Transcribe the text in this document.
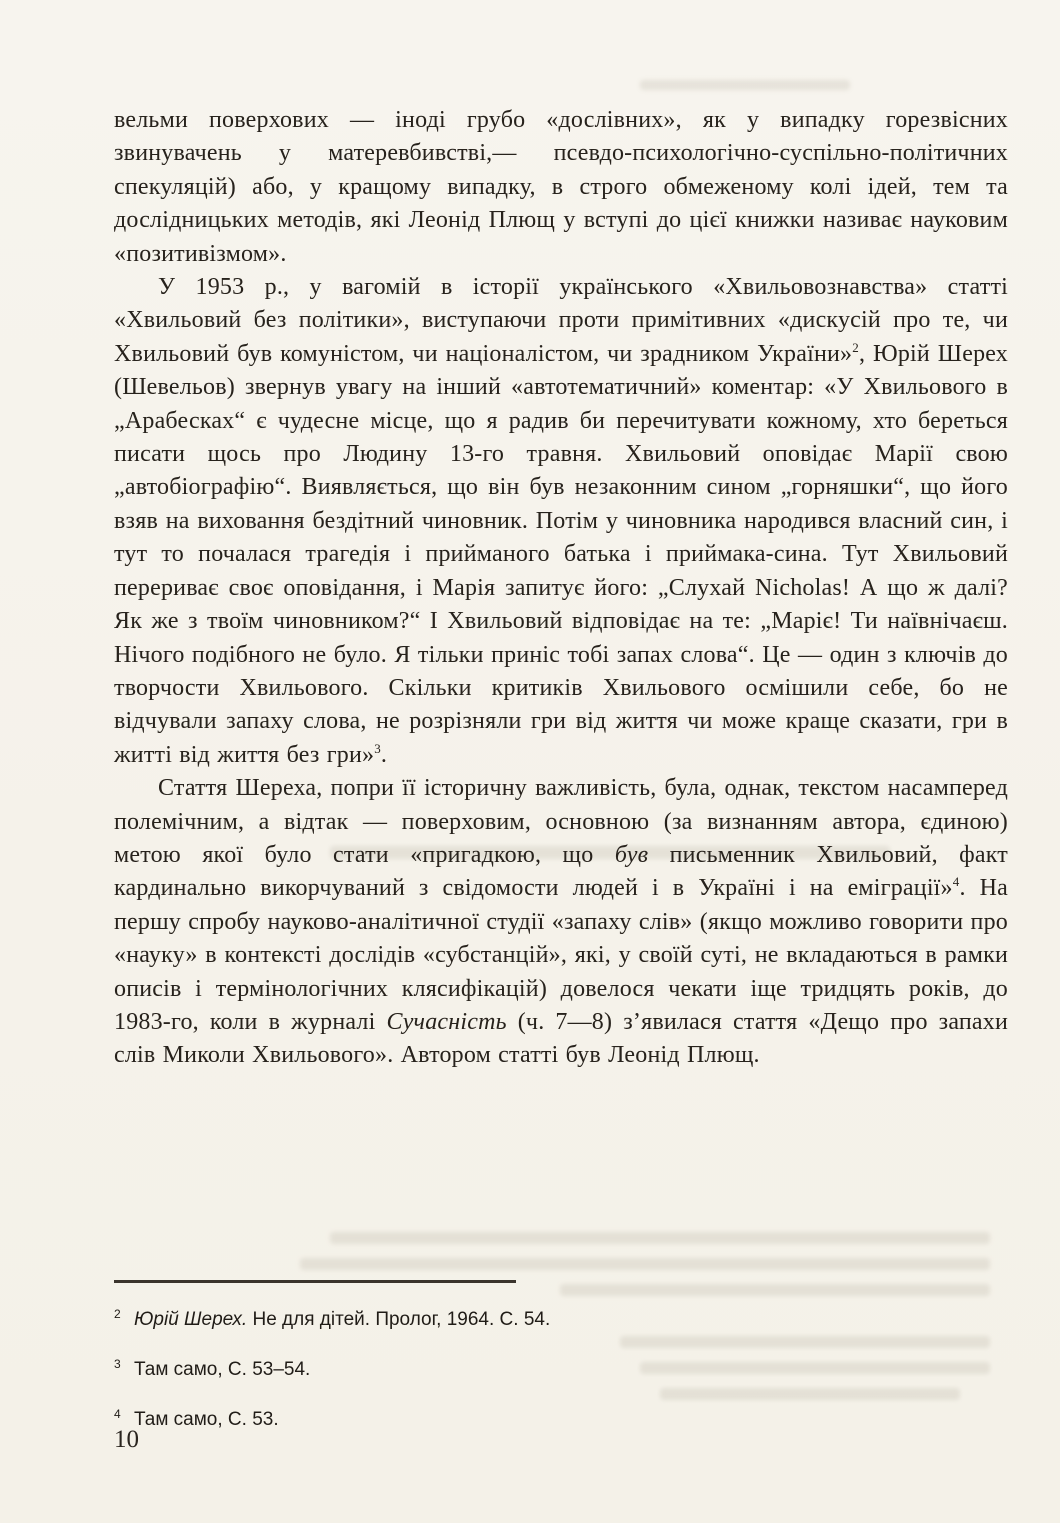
вельми поверхових — іноді грубо «дослівних», як у випадку горезвісних звинувачень у матеревбивстві,— псевдо-психологічно-суспільно-політичних спекуляцій) або, у кращому випадку, в строго обмеженому колі ідей, тем та дослідницьких методів, які Леонід Плющ у вступі до цієї книжки називає науковим «позитивізмом».

У 1953 р., у вагомій в історії українського «Хвильовознавства» статті «Хвильовий без політики», виступаючи проти примітивних «дискусій про те, чи Хвильовий був комуністом, чи націоналістом, чи зрадником України»$^2$, Юрій Шерех (Шевельов) звернув увагу на інший «автотематичний» коментар: «У Хвильового в „Арабесках“ є чудесне місце, що я радив би перечитувати кожному, хто береться писати щось про Людину 13-го травня. Хвильовий оповідає Марії свою „автобіографію“. Виявляється, що він був незаконним сином „горняшки“, що його взяв на виховання бездітний чиновник. Потім у чиновника народився власний син, і тут то почалася трагедія і прийманого батька і приймака-сина. Тут Хвильовий перериває своє оповідання, і Марія запитує його: „Слухай Nicholas! А що ж далі? Як же з твоїм чиновником?“ І Хвильовий відповідає на те: „Маріє! Ти наївнічаєш. Нічого подібного не було. Я тільки приніс тобі запах слова“. Це — один з ключів до творчости Хвильового. Скільки критиків Хвильового осмішили себе, бо не відчували запаху слова, не розрізняли гри від життя чи може краще сказати, гри в житті від життя без гри»$^3$.

Стаття Шереха, попри її історичну важливість, була, однак, текстом насамперед полемічним, а відтак — поверховим, основною (за визнанням автора, єдиною) метою якої було стати «пригадкою, що був письменник Хвильовий, факт кардинально викорчуваний з свідомости людей і в Україні і на еміграції»$^4$. На першу спробу науково-аналітичної студії «запаху слів» (якщо можливо говорити про «науку» в контексті дослідів «субстанцій», які, у своїй суті, не вкладаються в рамки описів і термінологічних клясифікацій) довелося чекати іще тридцять років, до 1983-го, коли в журналі Сучасність (ч. 7—8) з’явилася стаття «Дещо про запахи слів Миколи Хвильового». Автором статті був Леонід Плющ.

2 Юрій Шерех. Не для дітей. Пролог, 1964. С. 54.
3 Там само, С. 53–54.
4 Там само, С. 53.
10
